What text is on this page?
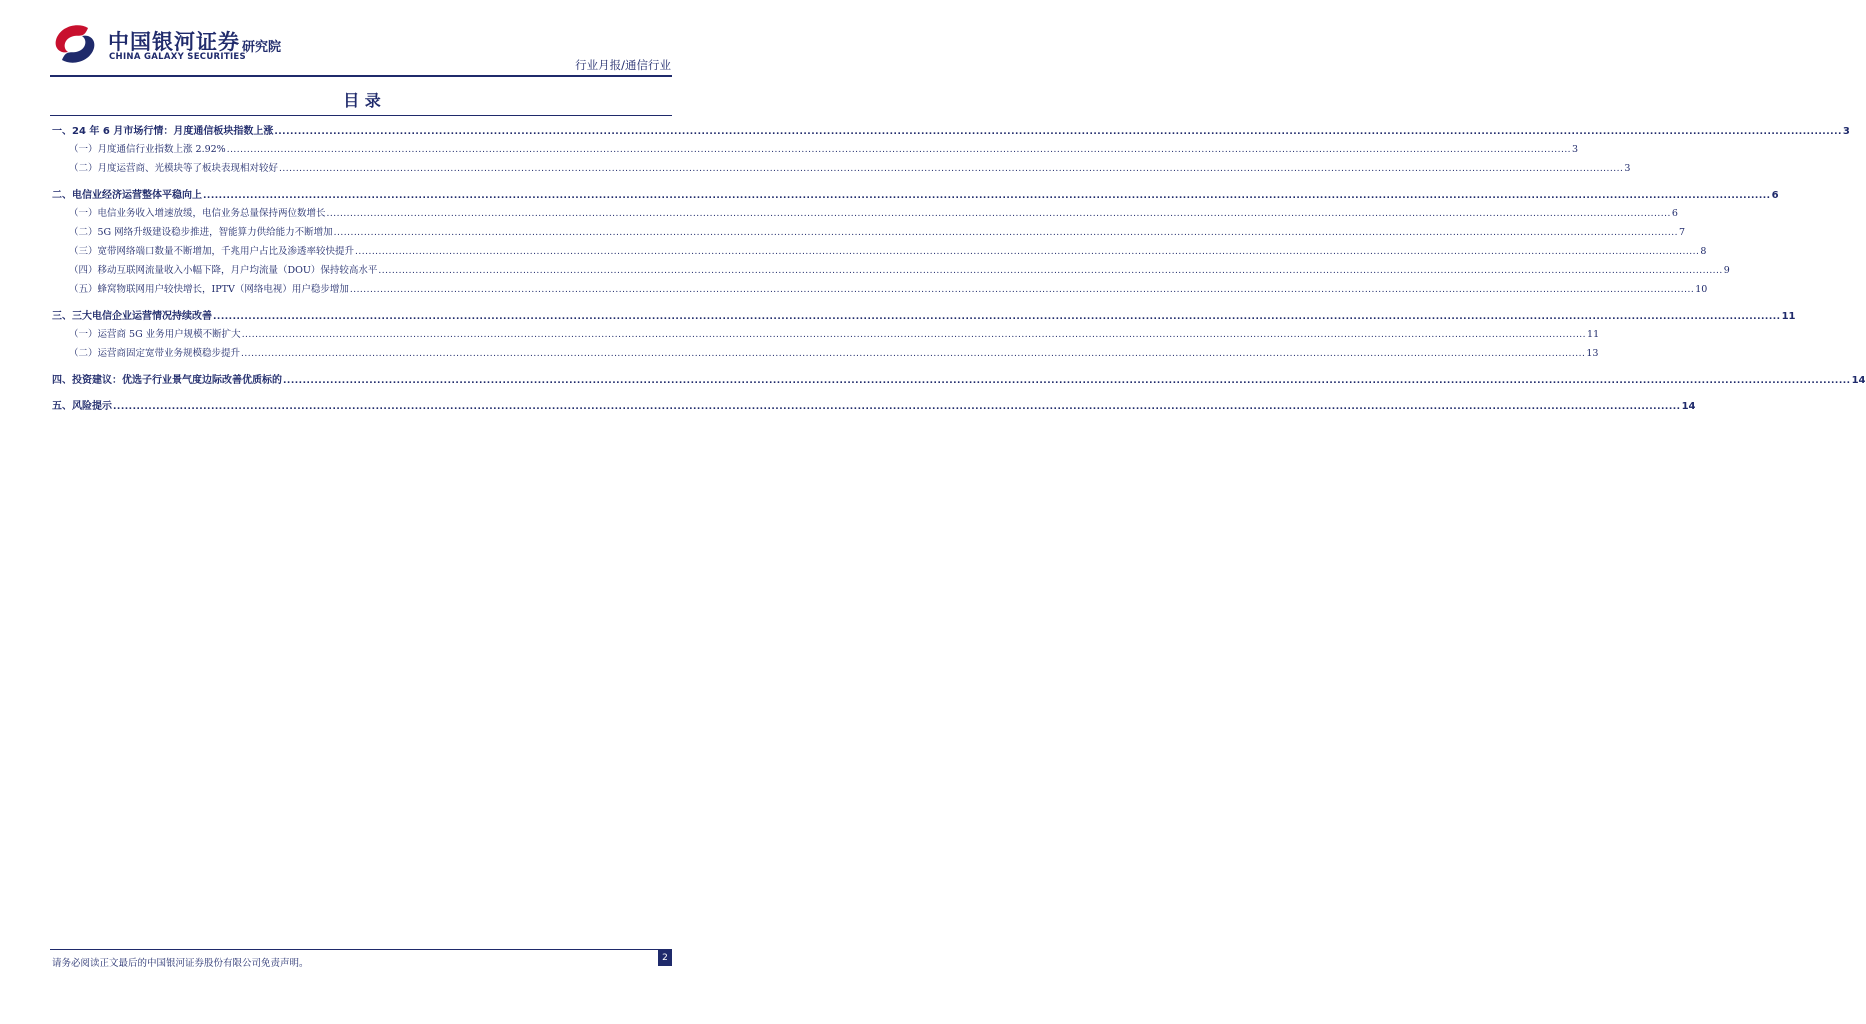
中国银河证券
CHINA GALAXY SECURITIES
研究院
行业月报/通信行业
目 录
一、24 年 6 月市场行情：月度通信板块指数上涨 ................................................................................................................................................................................................................................................................................................................................................................................................................ 3
（一）月度通信行业指数上涨 2.92% ................................................................................................................................................................................................................................................................................................................................................................................................................ 3
（二）月度运营商、光模块等了板块表现相对较好 ................................................................................................................................................................................................................................................................................................................................................................................................................ 3
二、电信业经济运营整体平稳向上 ................................................................................................................................................................................................................................................................................................................................................................................................................ 6
（一）电信业务收入增速放缓，电信业务总量保持两位数增长 ................................................................................................................................................................................................................................................................................................................................................................................................................ 6
（二）5G 网络升级建设稳步推进，智能算力供给能力不断增加 ................................................................................................................................................................................................................................................................................................................................................................................................................ 7
（三）宽带网络端口数量不断增加，千兆用户占比及渗透率较快提升 ................................................................................................................................................................................................................................................................................................................................................................................................................ 8
（四）移动互联网流量收入小幅下降，月户均流量（DOU）保持较高水平 ................................................................................................................................................................................................................................................................................................................................................................................................................ 9
（五）蜂窝物联网用户较快增长，IPTV（网络电视）用户稳步增加 ................................................................................................................................................................................................................................................................................................................................................................................................................ 10
三、三大电信企业运营情况持续改善 ................................................................................................................................................................................................................................................................................................................................................................................................................ 11
（一）运营商 5G 业务用户规模不断扩大 ................................................................................................................................................................................................................................................................................................................................................................................................................ 11
（二）运营商固定宽带业务规模稳步提升 ................................................................................................................................................................................................................................................................................................................................................................................................................ 13
四、投资建议：优选子行业景气度边际改善优质标的 ................................................................................................................................................................................................................................................................................................................................................................................................................ 14
五、风险提示 ................................................................................................................................................................................................................................................................................................................................................................................................................ 14
请务必阅读正文最后的中国银河证券股份有限公司免责声明。	2
